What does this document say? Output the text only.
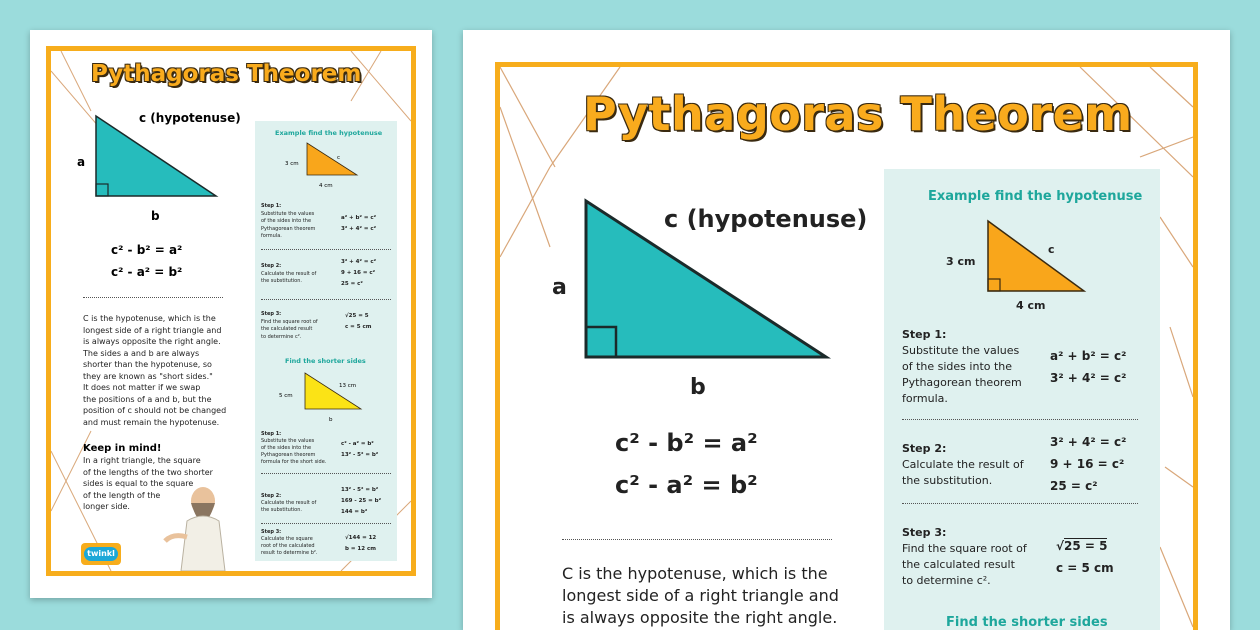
Pythagoras Theorem
c (hypotenuse)
a
b
c² - b² = a²
c² - a² = b²
C is the hypotenuse, which is the
longest side of a right triangle and
is always opposite the right angle.
The sides a and b are always
shorter than the hypotenuse, so
they are known as "short sides."
It does not matter if we swap
the positions of a and b, but the
position of c should not be changed
and must remain the hypotenuse.
Keep in mind!
In a right triangle, the square
of the lengths of the two shorter
sides is equal to the square
of the length of the
longer side.
twinkl
Example find the hypotenuse
3 cm
4 cm
c
Step 1:
Substitute the values
of the sides into the
Pythagorean theorem
formula.
a² + b² = c²
3² + 4² = c²
Step 2:
Calculate the result of
the substitution.
3² + 4² = c²
9 + 16 = c²
25 = c²
Step 3:
Find the square root of
the calculated result
to determine c².
√25 = 5
c = 5 cm
Find the shorter sides
5 cm
13 cm
b
Step 1:
Substitute the values
of the sides into the
Pythagorean theorem
formula for the short side.
c² - a² = b²
13² - 5² = b²
Step 2:
Calculate the result of
the substitution.
13² - 5² = b²
169 - 25 = b²
144 = b²
Step 3:
Calculate the square
root of the calculated
result to determine b².
√144 = 12
b = 12 cm
Pythagoras Theorem
c (hypotenuse)
a
b
c² - b² = a²
c² - a² = b²
C is the hypotenuse, which is the
longest side of a right triangle and
is always opposite the right angle.
Example find the hypotenuse
3 cm
4 cm
c
Step 1:
Substitute the values
of the sides into the
Pythagorean theorem
formula.
a² + b² = c²
3² + 4² = c²
Step 2:
Calculate the result of
the substitution.
3² + 4² = c²
9 + 16 = c²
25 = c²
Step 3:
Find the square root of
the calculated result
to determine c².
√25 = 5
c = 5 cm
Find the shorter sides
